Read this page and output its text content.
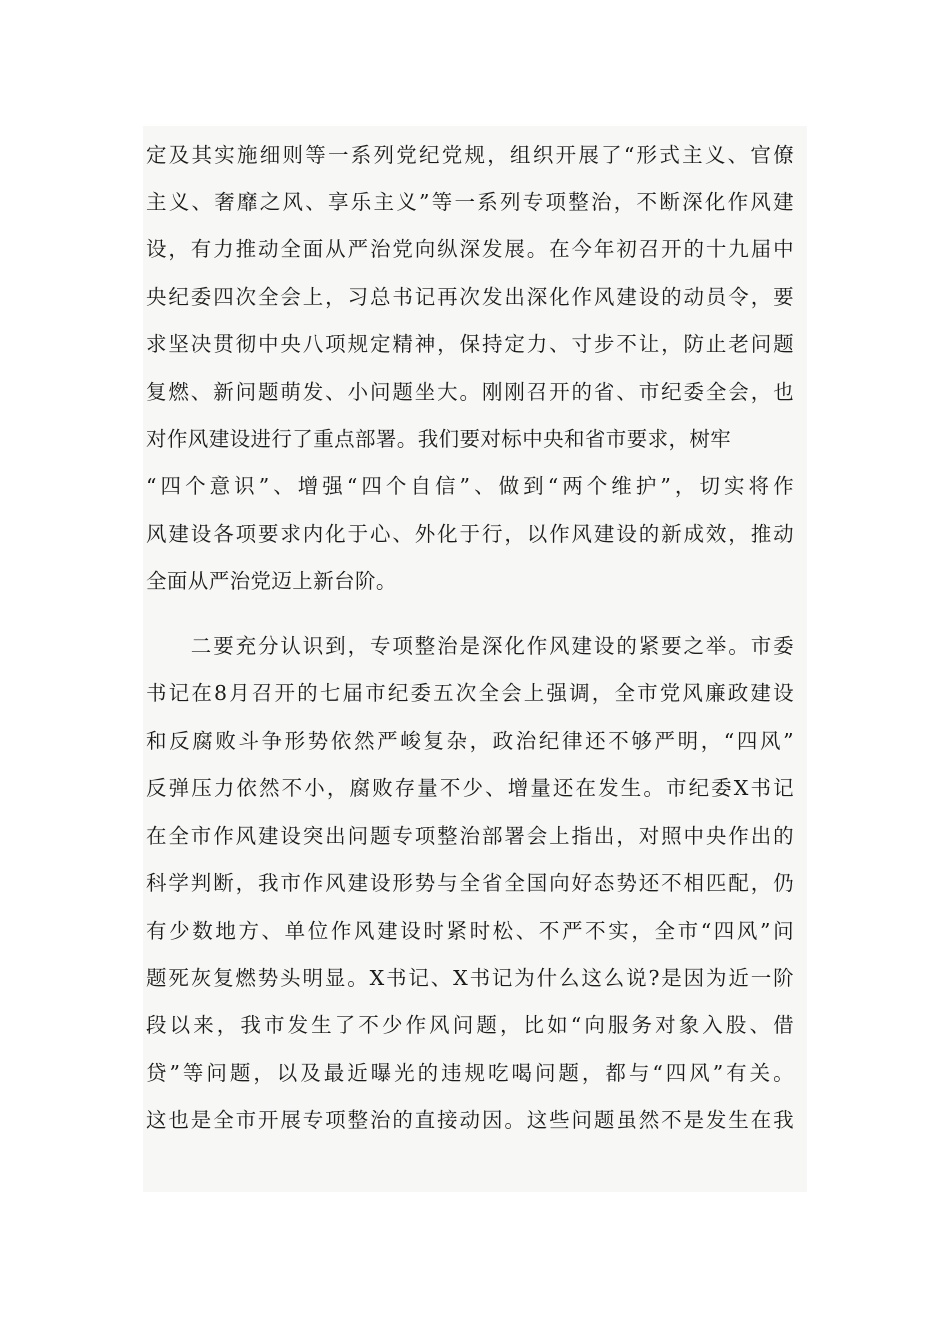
定及其实施细则等一系列党纪党规，组织开展了“形式主义、官僚
主义、奢靡之风、享乐主义”等一系列专项整治，不断深化作风建
设，有力推动全面从严治党向纵深发展。在今年初召开的十九届中
央纪委四次全会上，习总书记再次发出深化作风建设的动员令，要
求坚决贯彻中央八项规定精神，保持定力、寸步不让，防止老问题
复燃、新问题萌发、小问题坐大。刚刚召开的省、市纪委全会，也
对作风建设进行了重点部署。我们要对标中央和省市要求，树牢
“四个意识”、增强“四个自信”、做到“两个维护”，切实将作
风建设各项要求内化于心、外化于行，以作风建设的新成效，推动
全面从严治党迈上新台阶。
　　二要充分认识到，专项整治是深化作风建设的紧要之举。市委
书记在8月召开的七届市纪委五次全会上强调，全市党风廉政建设
和反腐败斗争形势依然严峻复杂，政治纪律还不够严明，“四风”
反弹压力依然不小，腐败存量不少、增量还在发生。市纪委X书记
在全市作风建设突出问题专项整治部署会上指出，对照中央作出的
科学判断，我市作风建设形势与全省全国向好态势还不相匹配，仍
有少数地方、单位作风建设时紧时松、不严不实，全市“四风”问
题死灰复燃势头明显。X书记、X书记为什么这么说?是因为近一阶
段以来，我市发生了不少作风问题，比如“向服务对象入股、借
贷”等问题，以及最近曝光的违规吃喝问题，都与“四风”有关。
这也是全市开展专项整治的直接动因。这些问题虽然不是发生在我
